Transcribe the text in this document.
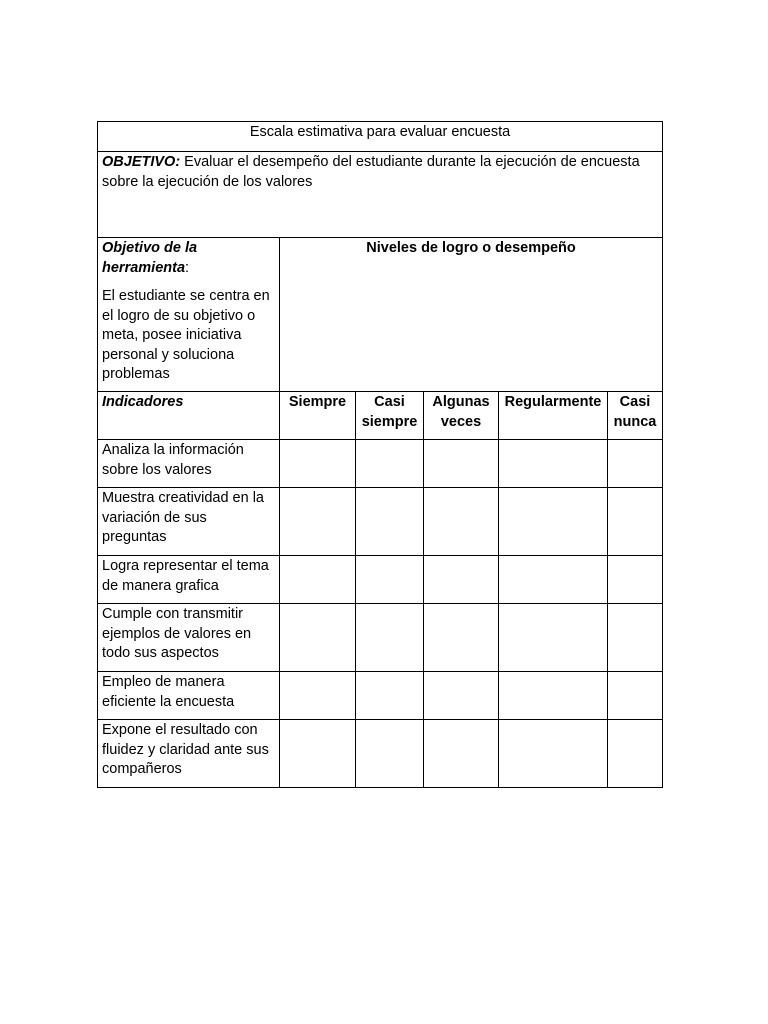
Escala estimativa para evaluar encuesta					
OBJETIVO: Evaluar el desempeño del estudiante durante la ejecución de encuesta sobre la ejecución de los valores					

Objetivo de la herramienta:
El estudiante se centra en el logro de su objetivo o meta, posee iniciativa personal y soluciona problemas	Niveles de logro o desempeño				
Indicadores	Siempre	Casi siempre	Algunas veces	Regularmente	Casi nunca
Analiza la información sobre los valores					
Muestra creatividad en la variación de sus preguntas					
Logra representar el tema de manera grafica					
Cumple con transmitir ejemplos de valores en todo sus aspectos					
Empleo de manera eficiente la encuesta					
Expone el resultado con fluidez y claridad ante sus compañeros					
